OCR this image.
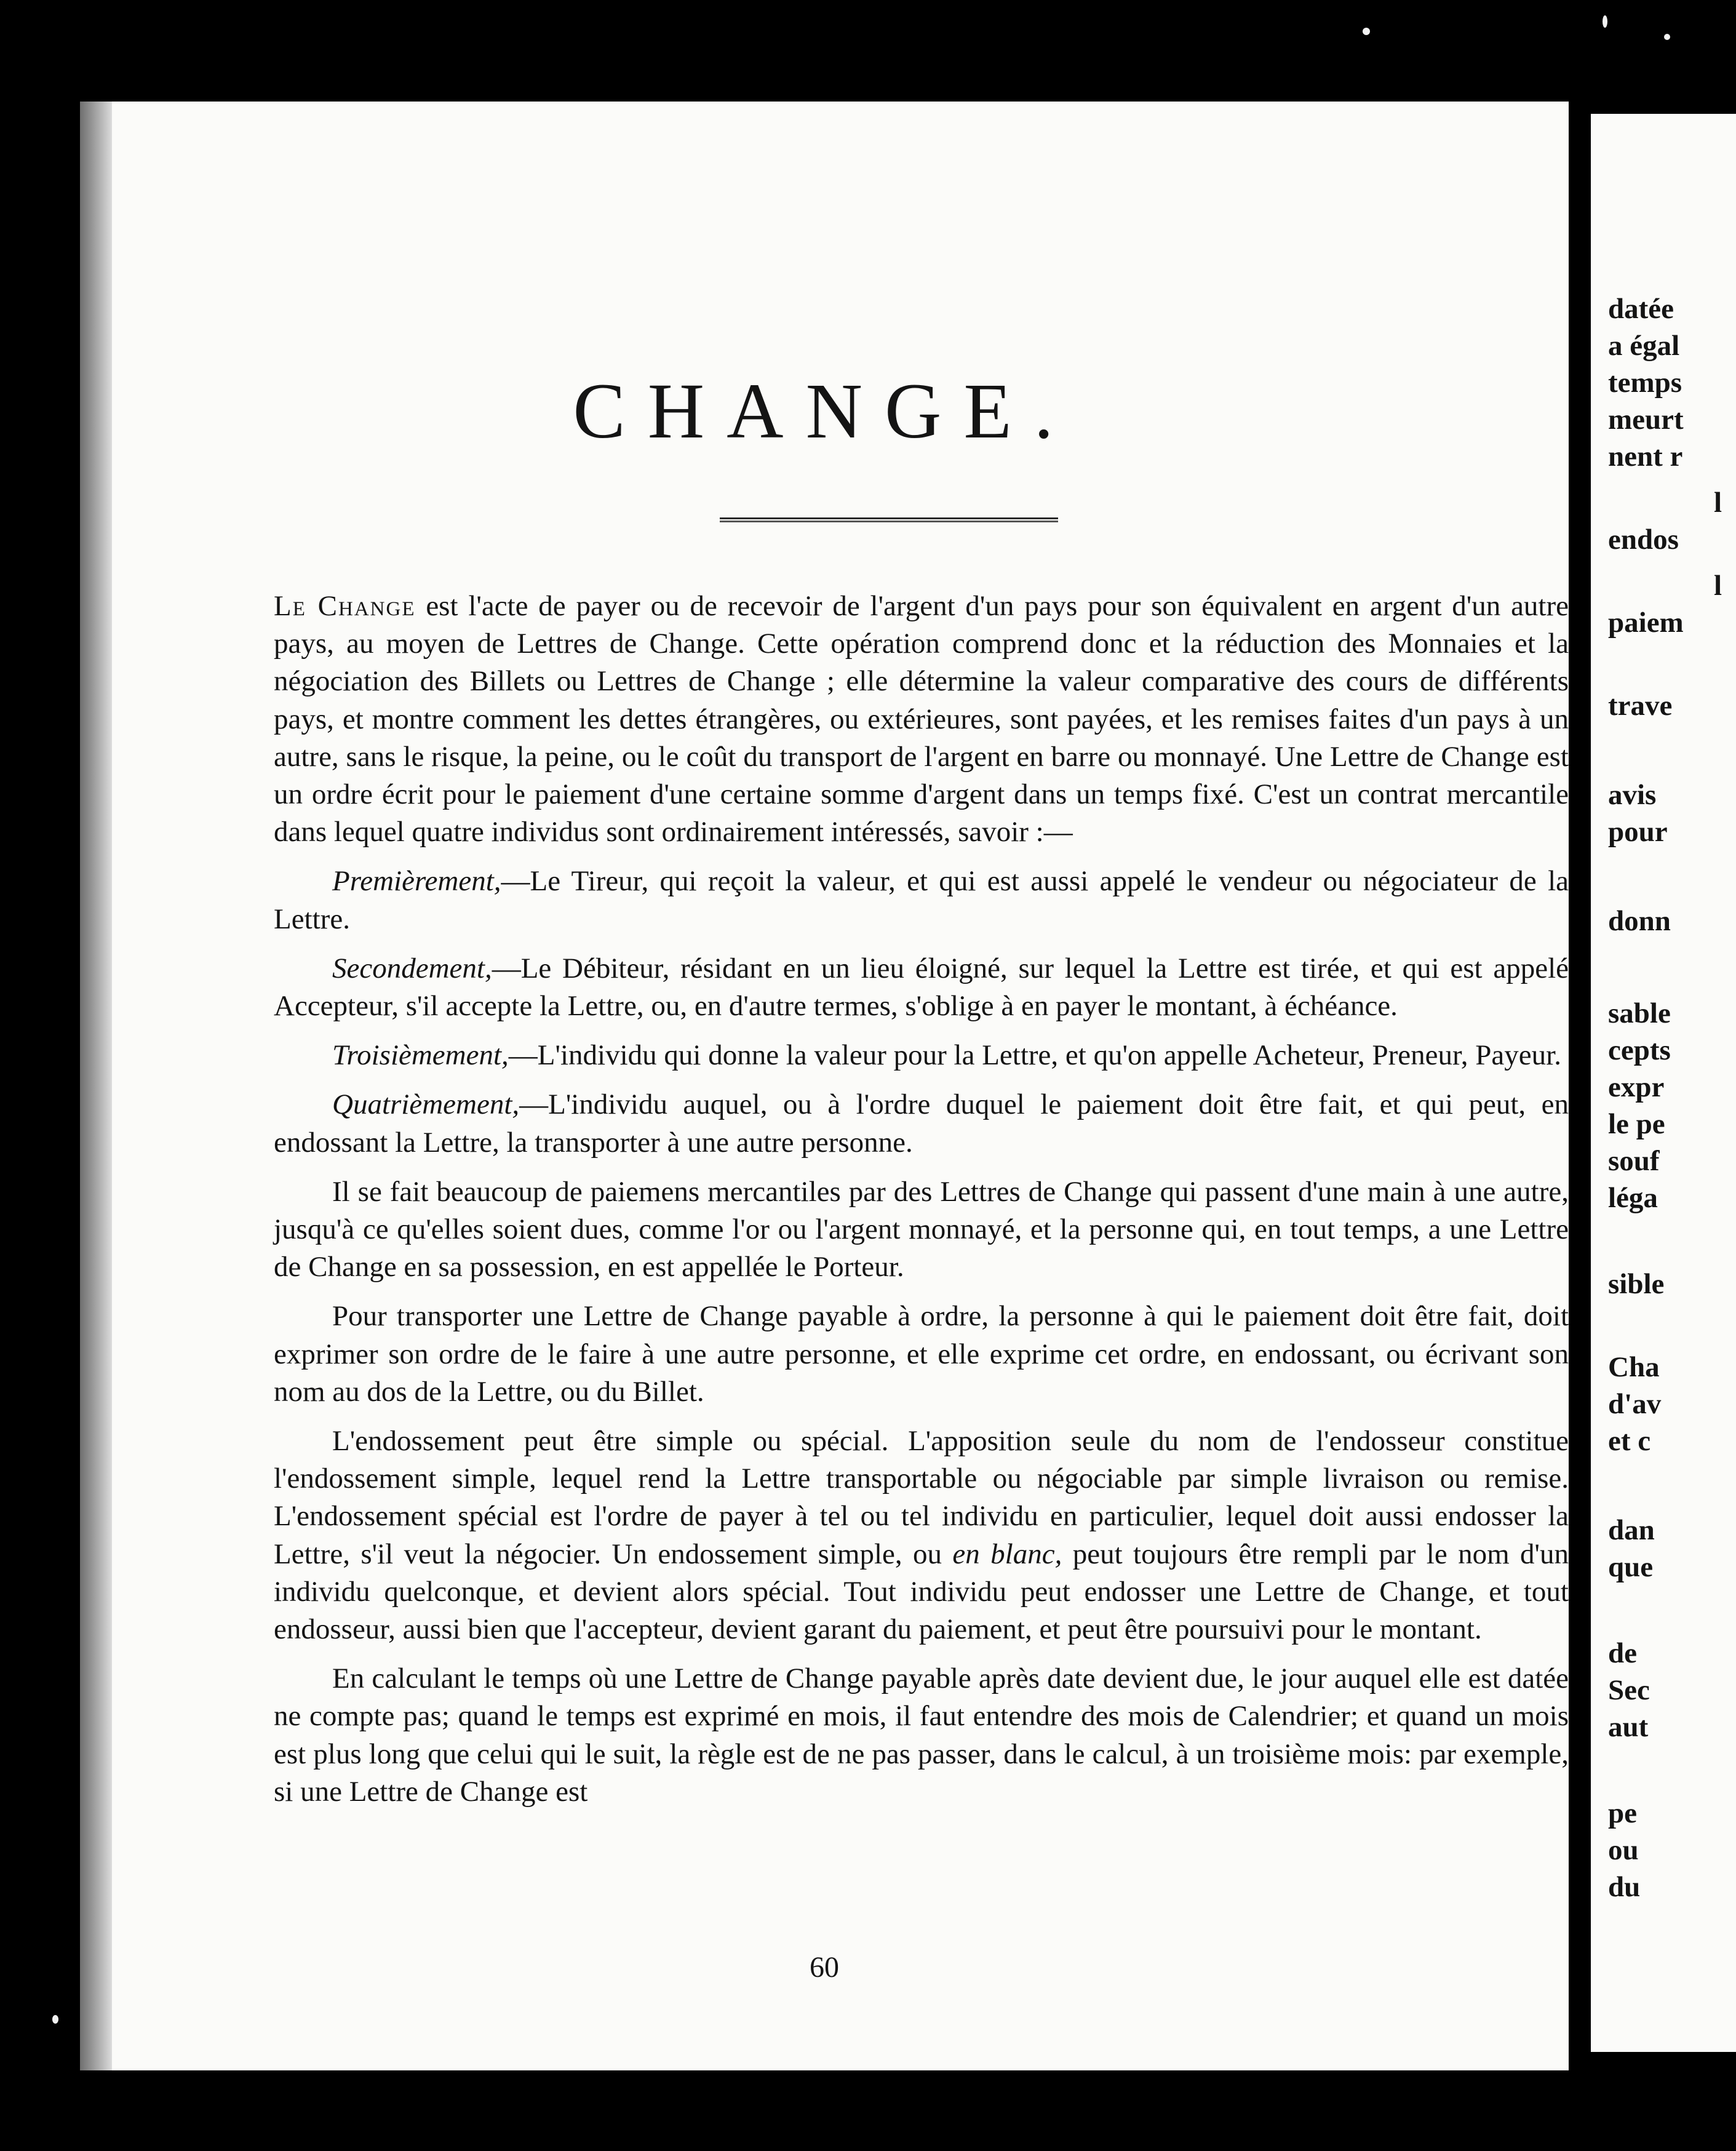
CHANGE.

Le Change est l'acte de payer ou de recevoir de l'argent d'un pays pour son équivalent en argent d'un autre pays, au moyen de Lettres de Change. Cette opération comprend donc et la réduction des Monnaies et la négociation des Billets ou Lettres de Change ; elle détermine la valeur comparative des cours de différents pays, et montre comment les dettes étrangères, ou extérieures, sont payées, et les remises faites d'un pays à un autre, sans le risque, la peine, ou le coût du transport de l'argent en barre ou monnayé. Une Lettre de Change est un ordre écrit pour le paiement d'une certaine somme d'argent dans un temps fixé. C'est un contrat mercantile dans lequel quatre individus sont ordinairement intéressés, savoir :—

Premièrement,—Le Tireur, qui reçoit la valeur, et qui est aussi appelé le vendeur ou négociateur de la Lettre.

Secondement,—Le Débiteur, résidant en un lieu éloigné, sur lequel la Lettre est tirée, et qui est appelé Accepteur, s'il accepte la Lettre, ou, en d'autre termes, s'oblige à en payer le montant, à échéance.

Troisièmement,—L'individu qui donne la valeur pour la Lettre, et qu'on appelle Acheteur, Preneur, Payeur.

Quatrièmement,—L'individu auquel, ou à l'ordre duquel le paiement doit être fait, et qui peut, en endossant la Lettre, la transporter à une autre personne.

Il se fait beaucoup de paiemens mercantiles par des Lettres de Change qui passent d'une main à une autre, jusqu'à ce qu'elles soient dues, comme l'or ou l'argent monnayé, et la personne qui, en tout temps, a une Lettre de Change en sa possession, en est appellée le Porteur.

Pour transporter une Lettre de Change payable à ordre, la personne à qui le paiement doit être fait, doit exprimer son ordre de le faire à une autre personne, et elle exprime cet ordre, en endossant, ou écrivant son nom au dos de la Lettre, ou du Billet.

L'endossement peut être simple ou spécial. L'apposition seule du nom de l'endosseur constitue l'endossement simple, lequel rend la Lettre transportable ou négociable par simple livraison ou remise. L'endossement spécial est l'ordre de payer à tel ou tel individu en particulier, lequel doit aussi endosser la Lettre, s'il veut la négocier. Un endossement simple, ou en blanc, peut toujours être rempli par le nom d'un individu quelconque, et devient alors spécial. Tout individu peut endosser une Lettre de Change, et tout endosseur, aussi bien que l'accepteur, devient garant du paiement, et peut être poursuivi pour le montant.

En calculant le temps où une Lettre de Change payable après date devient due, le jour auquel elle est datée ne compte pas; quand le temps est exprimé en mois, il faut entendre des mois de Calendrier; et quand un mois est plus long que celui qui le suit, la règle est de ne pas passer, dans le calcul, à un troisième mois: par exemple, si une Lettre de Change est

60
datée
a égal
temps
meurt
nent r
l
endos
l
paiem
trave
avis
pour
donn
sable
cepts
expr
le pe
souf
léga
sible
Cha
d'av
et c
dan
que
de
Sec
aut
pe
ou
du
